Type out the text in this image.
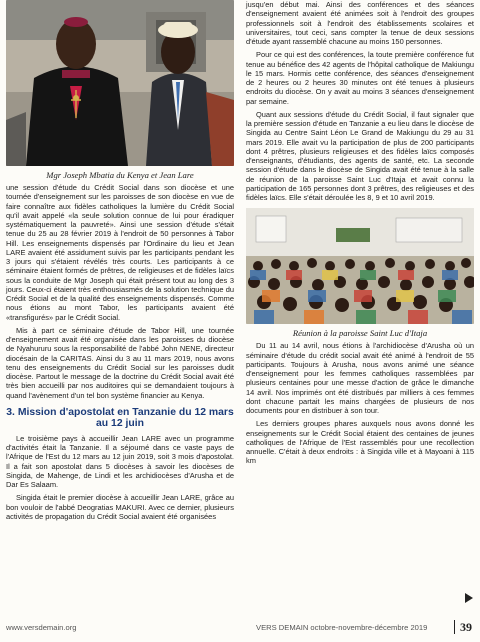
Mgr Joseph Mbatia du Kenya et Jean Lare

une session d'étude du Crédit Social dans son diocèse et une tournée d'enseignement sur les paroisses de son diocèse en vue de faire connaître aux fidèles catholiques la lumière du Crédit Social qu'il avait appelé «la seule solution connue de lui pour éradiquer systématiquement la pauvreté». Ainsi une session d'étude s'était tenue du 25 au 28 février 2019 à l'endroit de 50 personnes à Tabor Hill. Les enseignements dispensés par l'Ordinaire du lieu et Jean LARE avaient été assidument suivis par les participants pendant les 3 jours qui s'étaient révélés très courts. Les participants à ce séminaire étaient formés de prêtres, de religieuses et de fidèles laïcs sous la conduite de Mgr Joseph qui était présent tout au long des 3 jours. Ceux-ci étaient très enthousiasmés de la solution technique du Crédit Social et de la qualité des enseignements dispensés. Comme nous étions au mont Tabor, les participants avaient été «transfigurés» par le Crédit Social.

Mis à part ce séminaire d'étude de Tabor Hill, une tournée d'enseignement avait été organisée dans les paroisses du diocèse de Nyahururu sous la responsabilité de l'abbé John NENE, directeur diocésain de la CARITAS. Ainsi du 3 au 11 mars 2019, nous avons tenu des enseignements du Crédit Social sur les paroisses dudit diocèse. Partout le message de la doctrine du Crédit Social avait été très bien accueilli par nos auditoires qui se demandaient toujours à quand l'avènement d'un tel bon système financier au Kenya.

3. Mission d'apostolat en Tanzanie du 12 mars au 12 juin

Le troisième pays à accueillir Jean LARE avec un programme d'activités était la Tanzanie. Il a séjourné dans ce vaste pays de l'Afrique de l'Est du 12 mars au 12 juin 2019, soit 3 mois d'apostolat. Il a fait son apostolat dans 5 diocèses à savoir les diocèses de Singida, de Mahenge, de Lindi et les archidiocèses d'Arusha et de Dar Es Salaam.

Singida était le premier diocèse à accueillir Jean LARE, grâce au bon vouloir de l'abbé Deogratias MAKURI. Avec ce dernier, plusieurs activités de propagation du Crédit Social avaient été organisées

jusqu'en début mai. Ainsi des conférences et des séances d'enseignement avaient été animées soit à l'endroit des groupes professionnels soit à l'endroit des établissements scolaires et universitaires, tout ceci, sans compter la tenue de deux sessions d'étude ayant rassemblé chacune au moins 150 personnes.

Pour ce qui est des conférences, la toute première conférence fut tenue au bénéfice des 42 agents de l'hôpital catholique de Makiungu le 15 mars. Hormis cette conférence, des séances d'enseignement de 2 heures ou 2 heures 30 minutes ont été tenues à plusieurs endroits du diocèse. On y avait au moins 3 séances d'enseignement par semaine.

Quant aux sessions d'étude du Crédit Social, il faut signaler que la première session d'étude en Tanzanie a eu lieu dans le diocèse de Singida au Centre Saint Léon Le Grand de Makiungu du 29 au 31 mars 2019. Elle avait vu la participation de plus de 200 participants dont 4 prêtres, plusieurs religieuses et des fidèles laïcs composés d'enseignants, d'étudiants, des agents de santé, etc. La seconde session d'étude dans le diocèse de Singida avait été tenue à la salle de réunion de la paroisse Saint Luc d'Itaja et avait connu la participation de 165 personnes dont 3 prêtres, des religieuses et des fidèles laïcs. Elle s'était déroulée les 8, 9 et 10 avril 2019.

Réunion à la paroisse Saint Luc d'Itaja

Du 11 au 14 avril, nous étions à l'archidiocèse d'Arusha où un séminaire d'étude du crédit social avait été animé à l'endroit de 55 participants. Toujours à Arusha, nous avons animé une séance d'enseignement pour les femmes catholiques rassemblées par plusieurs centaines pour une messe d'action de grâce le dimanche 14 avril. Nos imprimés ont été distribués par milliers à ces femmes dont chacune partait les mains chargées de plusieurs de nos documents pour en distribuer à son tour.

Les derniers groupes phares auxquels nous avons donné les enseignements sur le Crédit Social étaient des centaines de jeunes catholiques de l'Afrique de l'Est rassemblés pour une recollection annuelle. C'était à deux endroits : à Singida ville et à Mayoani à 115 km

www.versdemain.org	VERS DEMAIN octobre-novembre-décembre 2019	39
